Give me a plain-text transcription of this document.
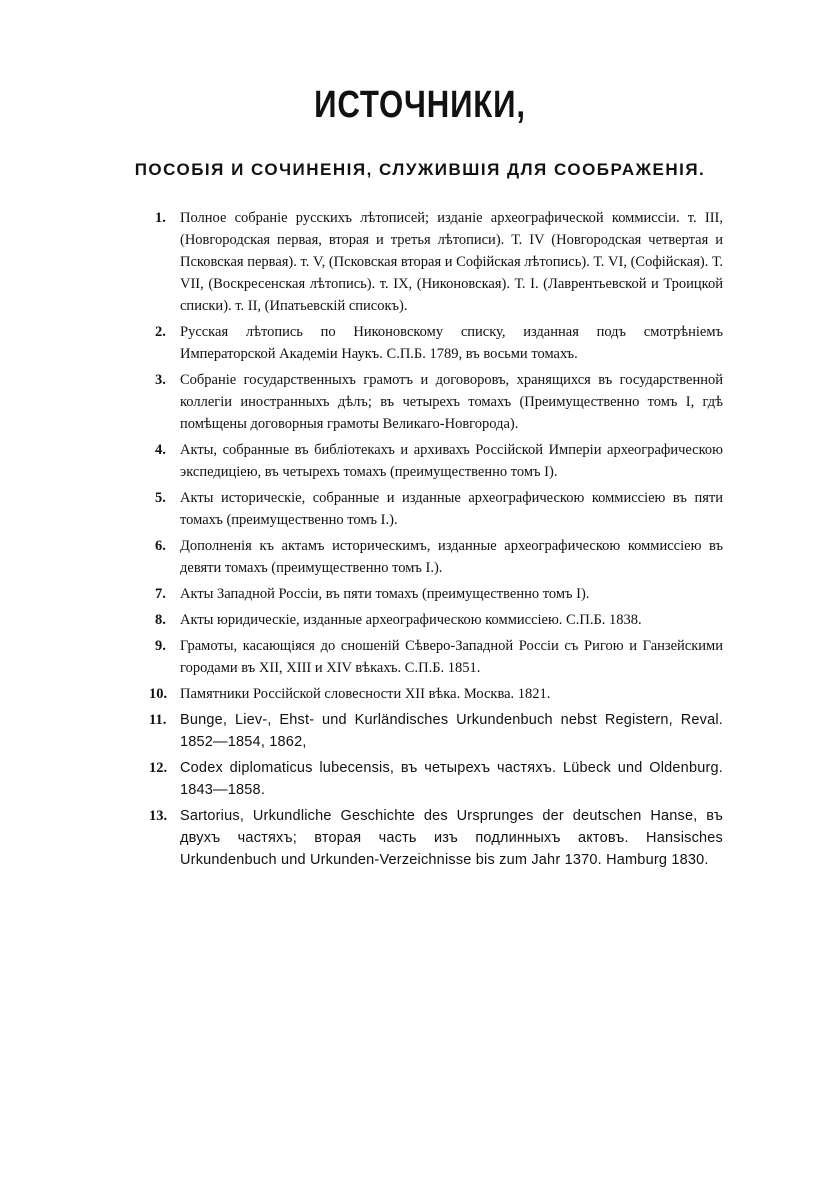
ИСТОЧНИКИ,
ПОСОБІЯ И СОЧИНЕНІЯ, СЛУЖИВШІЯ ДЛЯ СООБРАЖЕНІЯ.
1. Полное собраніе русскихъ лѣтописей; изданіе археографической коммиссіи. т. III, (Новгородская первая, вторая и третья лѣтописи). Т. IV (Новгородская четвертая и Псковская первая). т. V, (Псковская вторая и Софійская лѣтопись). Т. VI, (Софійская). Т. VII, (Воскресенская лѣтопись). т. IX, (Никоновская). Т. I. (Лаврентьевской и Троицкой списки). т. II, (Ипатьевскій списокъ).
2. Русская лѣтопись по Никоновскому списку, изданная подъ смотрѣніемъ Императорской Академіи Наукъ. С.П.Б. 1789, въ восьми томахъ.
3. Собраніе государственныхъ грамотъ и договоровъ, хранящихся въ государственной коллегіи иностранныхъ дѣлъ; въ четырехъ томахъ (Преимущественно томъ I, гдѣ помѣщены договорныя грамоты Великаго-Новгорода).
4. Акты, собранные въ библіотекахъ и архивахъ Россійской Имперіи археографическою экспедиціею, въ четырехъ томахъ (преимущественно томъ I).
5. Акты историческіе, собранные и изданные археографическою коммиссіею въ пяти томахъ (преимущественно томъ I.).
6. Дополненія къ актамъ историческимъ, изданные археографическою коммиссіею въ девяти томахъ (преимущественно томъ I.).
7. Акты Западной Россіи, въ пяти томахъ (преимущественно томъ I).
8. Акты юридическіе, изданные археографическою коммиссіею. С.П.Б. 1838.
9. Грамоты, касающіяся до сношеній Сѣверо-Западной Россіи съ Ригою и Ганзейскими городами въ XII, XIII и XIV вѣкахъ. С.П.Б. 1851.
10. Памятники Россійской словесности XII вѣка. Москва. 1821.
11. Bunge, Liev-, Ehst- und Kurländisches Urkundenbuch nebst Registern, Reval. 1852—1854, 1862,
12. Codex diplomaticus lubecensis, въ четырехъ частяхъ. Lübeck und Oldenburg. 1843—1858.
13. Sartorius, Urkundliche Geschichte des Ursprunges der deutschen Hanse, въ двухъ частяхъ; вторая часть изъ подлинныхъ актовъ. Hansisches Urkundenbuch und Urkunden-Verzeichnisse bis zum Jahr 1370. Hamburg 1830.
